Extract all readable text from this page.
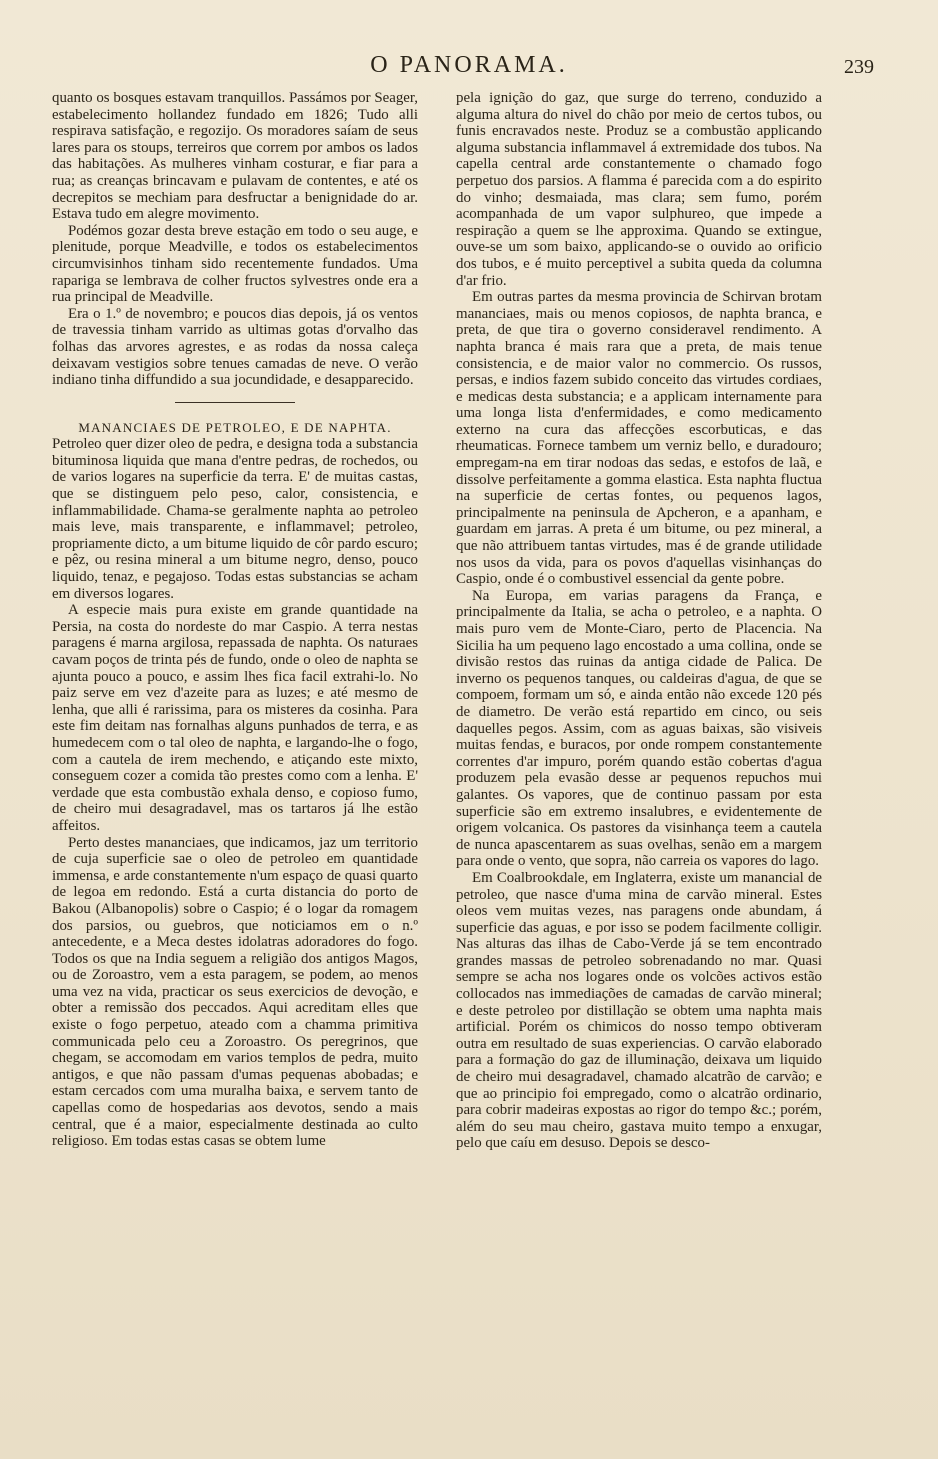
O PANORAMA.	239

quanto os bosques estavam tranquillos. Passámos por Seager, estabelecimento hollandez fundado em 1826; Tudo alli respirava satisfação, e regozijo. Os moradores saíam de seus lares para os stoups, terreiros que correm por ambos os lados das habitações. As mulheres vinham costurar, e fiar para a rua; as creanças brincavam e pulavam de contentes, e até os decrepitos se mechiam para desfructar a benignidade do ar. Estava tudo em alegre movimento.

Podémos gozar desta breve estação em todo o seu auge, e plenitude, porque Meadville, e todos os estabelecimentos circumvisinhos tinham sido recentemente fundados. Uma rapariga se lembrava de colher fructos sylvestres onde era a rua principal de Meadville.

Era o 1.º de novembro; e poucos dias depois, já os ventos de travessia tinham varrido as ultimas gotas d'orvalho das folhas das arvores agrestes, e as rodas da nossa caleça deixavam vestigios sobre tenues camadas de neve. O verão indiano tinha diffundido a sua jocundidade, e desapparecido.

MANANCIAES DE PETROLEO, E DE NAPHTA.

Petroleo quer dizer oleo de pedra, e designa toda a substancia bituminosa liquida que mana d'entre pedras, de rochedos, ou de varios logares na superficie da terra. E' de muitas castas, que se distinguem pelo peso, calor, consistencia, e inflammabilidade. Chama-se geralmente naphta ao petroleo mais leve, mais transparente, e inflammavel; petroleo, propriamente dicto, a um bitume liquido de côr pardo escuro; e pêz, ou resina mineral a um bitume negro, denso, pouco liquido, tenaz, e pegajoso. Todas estas substancias se acham em diversos logares.

A especie mais pura existe em grande quantidade na Persia, na costa do nordeste do mar Caspio. A terra nestas paragens é marna argilosa, repassada de naphta. Os naturaes cavam poços de trinta pés de fundo, onde o oleo de naphta se ajunta pouco a pouco, e assim lhes fica facil extrahi-lo. No paiz serve em vez d'azeite para as luzes; e até mesmo de lenha, que alli é rarissima, para os misteres da cosinha. Para este fim deitam nas fornalhas alguns punhados de terra, e as humedecem com o tal oleo de naphta, e largando-lhe o fogo, com a cautela de irem mechendo, e atiçando este mixto, conseguem cozer a comida tão prestes como com a lenha. E' verdade que esta combustão exhala denso, e copioso fumo, de cheiro mui desagradavel, mas os tartaros já lhe estão affeitos.

Perto destes mananciaes, que indicamos, jaz um territorio de cuja superficie sae o oleo de petroleo em quantidade immensa, e arde constantemente n'um espaço de quasi quarto de legoa em redondo. Está a curta distancia do porto de Bakou (Albanopolis) sobre o Caspio; é o logar da romagem dos parsios, ou guebros, que noticiamos em o n.º antecedente, e a Meca destes idolatras adoradores do fogo. Todos os que na India seguem a religião dos antigos Magos, ou de Zoroastro, vem a esta paragem, se podem, ao menos uma vez na vida, practicar os seus exercicios de devoção, e obter a remissão dos peccados. Aqui acreditam elles que existe o fogo perpetuo, ateado com a chamma primitiva communicada pelo ceu a Zoroastro. Os peregrinos, que chegam, se accomodam em varios templos de pedra, muito antigos, e que não passam d'umas pequenas abobadas; e estam cercados com uma muralha baixa, e servem tanto de capellas como de hospedarias aos devotos, sendo a mais central, que é a maior, especialmente destinada ao culto religioso. Em todas estas casas se obtem lume

pela ignição do gaz, que surge do terreno, conduzido a alguma altura do nivel do chão por meio de certos tubos, ou funis encravados neste. Produz se a combustão applicando alguma substancia inflammavel á extremidade dos tubos. Na capella central arde constantemente o chamado fogo perpetuo dos parsios. A flamma é parecida com a do espirito do vinho; desmaiada, mas clara; sem fumo, porém acompanhada de um vapor sulphureo, que impede a respiração a quem se lhe approxima. Quando se extingue, ouve-se um som baixo, applicando-se o ouvido ao orificio dos tubos, e é muito perceptivel a subita queda da columna d'ar frio.

Em outras partes da mesma provincia de Schirvan brotam mananciaes, mais ou menos copiosos, de naphta branca, e preta, de que tira o governo consideravel rendimento. A naphta branca é mais rara que a preta, de mais tenue consistencia, e de maior valor no commercio. Os russos, persas, e indios fazem subido conceito das virtudes cordiaes, e medicas desta substancia; e a applicam internamente para uma longa lista d'enfermidades, e como medicamento externo na cura das affecções escorbuticas, e das rheumaticas. Fornece tambem um verniz bello, e duradouro; empregam-na em tirar nodoas das sedas, e estofos de laã, e dissolve perfeitamente a gomma elastica. Esta naphta fluctua na superficie de certas fontes, ou pequenos lagos, principalmente na peninsula de Apcheron, e a apanham, e guardam em jarras. A preta é um bitume, ou pez mineral, a que não attribuem tantas virtudes, mas é de grande utilidade nos usos da vida, para os povos d'aquellas visinhanças do Caspio, onde é o combustivel essencial da gente pobre.

Na Europa, em varias paragens da França, e principalmente da Italia, se acha o petroleo, e a naphta. O mais puro vem de Monte-Ciaro, perto de Placencia. Na Sicilia ha um pequeno lago encostado a uma collina, onde se divisão restos das ruinas da antiga cidade de Palica. De inverno os pequenos tanques, ou caldeiras d'agua, de que se compoem, formam um só, e ainda então não excede 120 pés de diametro. De verão está repartido em cinco, ou seis daquelles pegos. Assim, com as aguas baixas, são visiveis muitas fendas, e buracos, por onde rompem constantemente correntes d'ar impuro, porém quando estão cobertas d'agua produzem pela evasão desse ar pequenos repuchos mui galantes. Os vapores, que de continuo passam por esta superficie são em extremo insalubres, e evidentemente de origem volcanica. Os pastores da visinhança teem a cautela de nunca apascentarem as suas ovelhas, senão em a margem para onde o vento, que sopra, não carreia os vapores do lago.

Em Coalbrookdale, em Inglaterra, existe um manancial de petroleo, que nasce d'uma mina de carvão mineral. Estes oleos vem muitas vezes, nas paragens onde abundam, á superficie das aguas, e por isso se podem facilmente colligir. Nas alturas das ilhas de Cabo-Verde já se tem encontrado grandes massas de petroleo sobrenadando no mar. Quasi sempre se acha nos logares onde os volcões activos estão collocados nas immediações de camadas de carvão mineral; e deste petroleo por distillação se obtem uma naphta mais artificial. Porém os chimicos do nosso tempo obtiveram outra em resultado de suas experiencias. O carvão elaborado para a formação do gaz de illuminação, deixava um liquido de cheiro mui desagradavel, chamado alcatrão de carvão; e que ao principio foi empregado, como o alcatrão ordinario, para cobrir madeiras expostas ao rigor do tempo &c.; porém, além do seu mau cheiro, gastava muito tempo a enxugar, pelo que caíu em desuso. Depois se desco-
